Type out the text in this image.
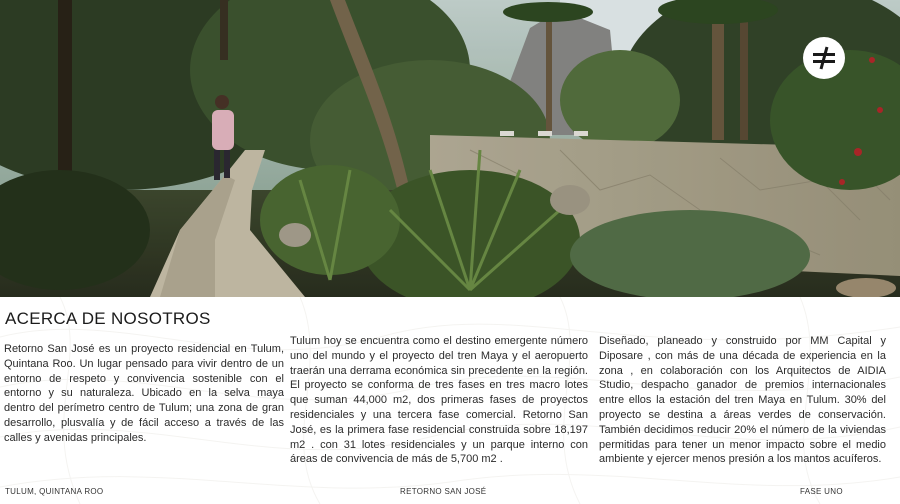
ACERCA DE NOSOTROS

Retorno San José es un proyecto residencial en Tulum, Quintana Roo. Un lugar pensado para vivir dentro de un entorno de respeto y convivencia sostenible con el entorno y su naturaleza. Ubicado en la selva maya dentro del perímetro centro de Tulum; una zona de gran desarrollo, plusvalía y de fácil acceso a través de las calles y avenidas principales.

Tulum hoy se encuentra como el destino emergente número uno del mundo y el proyecto del tren Maya y el aeropuerto traerán una derrama económica sin precedente en la región. El proyecto se conforma de tres fases en tres macro lotes que suman 44,000 m2, dos primeras fases de proyectos residenciales y una tercera fase comercial. Retorno San José, es la primera fase residencial construida sobre 18,197 m2 . con 31 lotes residenciales y un parque interno con áreas de convivencia de más de 5,700 m2 .

Diseñado, planeado y construido por MM Capital y Diposare , con más de una década de experiencia en la zona , en colaboración con los Arquitectos de AIDIA Studio, despacho ganador de premios internacionales entre ellos la estación del tren Maya en Tulum. 30% del proyecto se destina a áreas verdes de conservación. También decidimos reducir 20% el número de la viviendas permitidas para tener un menor impacto sobre el medio ambiente y ejercer menos presión a los mantos acuíferos.

TULUM, QUINTANA ROO	RETORNO SAN JOSÉ	FASE UNO
